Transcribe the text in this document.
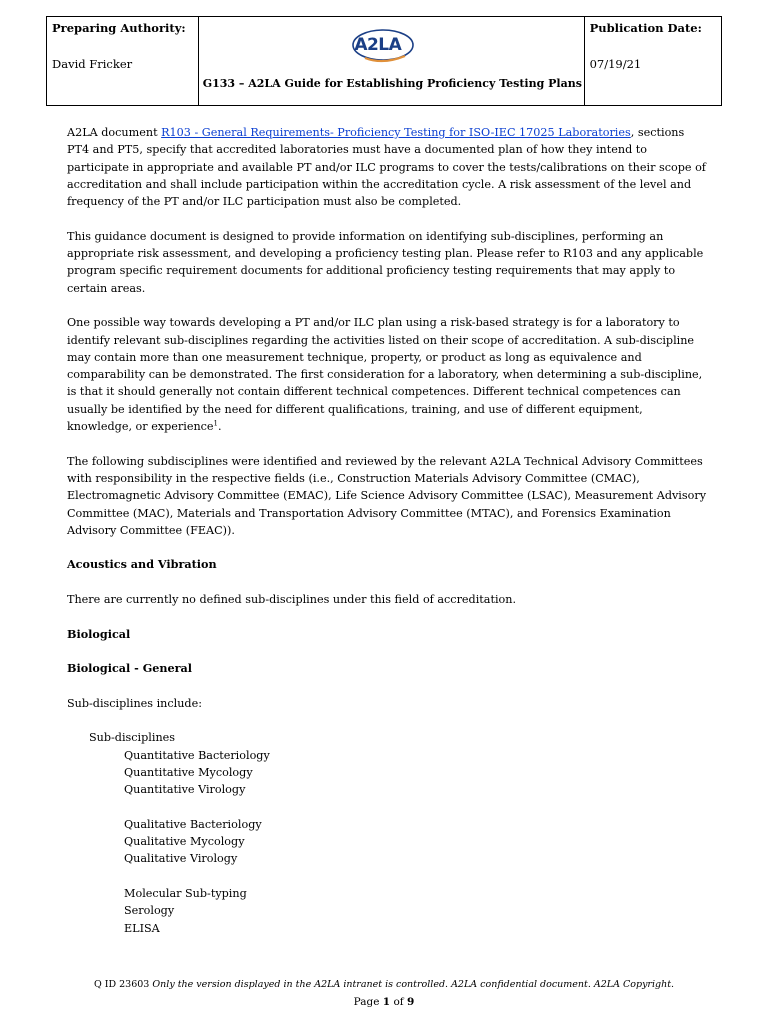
Preparing Authority:
David Fricker

A2LA
G133 – A2LA Guide for Establishing Proficiency Testing Plans

Publication Date:
07/19/21

A2LA document R103 - General Requirements- Proficiency Testing for ISO-IEC 17025 Laboratories, sections PT4 and PT5, specify that accredited laboratories must have a documented plan of how they intend to participate in appropriate and available PT and/or ILC programs to cover the tests/calibrations on their scope of accreditation and shall include participation within the accreditation cycle. A risk assessment of the level and frequency of the PT and/or ILC participation must also be completed.

This guidance document is designed to provide information on identifying sub-disciplines, performing an appropriate risk assessment, and developing a proficiency testing plan. Please refer to R103 and any applicable program specific requirement documents for additional proficiency testing requirements that may apply to certain areas.

One possible way towards developing a PT and/or ILC plan using a risk-based strategy is for a laboratory to identify relevant sub-disciplines regarding the activities listed on their scope of accreditation. A sub-discipline may contain more than one measurement technique, property, or product as long as equivalence and comparability can be demonstrated. The first consideration for a laboratory, when determining a sub-discipline, is that it should generally not contain different technical competences. Different technical competences can usually be identified by the need for different qualifications, training, and use of different equipment, knowledge, or experience$^1$.

The following subdisciplines were identified and reviewed by the relevant A2LA Technical Advisory Committees with responsibility in the respective fields (i.e., Construction Materials Advisory Committee (CMAC), Electromagnetic Advisory Committee (EMAC), Life Science Advisory Committee (LSAC), Measurement Advisory Committee (MAC), Materials and Transportation Advisory Committee (MTAC), and Forensics Examination Advisory Committee (FEAC)).

Acoustics and Vibration

There are currently no defined sub-disciplines under this field of accreditation.

Biological

Biological - General

Sub-disciplines include:

Sub-disciplines
Quantitative Bacteriology
Quantitative Mycology
Quantitative Virology
Qualitative Bacteriology
Qualitative Mycology
Qualitative Virology
Molecular Sub-typing
Serology
ELISA
Q ID 23603 Only the version displayed in the A2LA intranet is controlled. A2LA confidential document. A2LA Copyright.
Page 1 of 9
